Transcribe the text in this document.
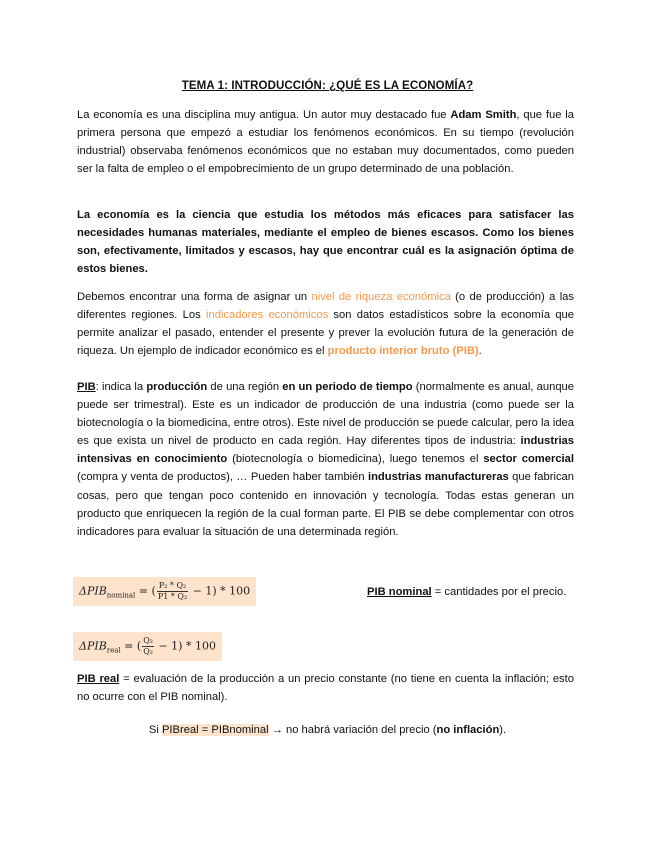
TEMA 1: INTRODUCCIÓN: ¿QUÉ ES LA ECONOMÍA?

La economía es una disciplina muy antigua. Un autor muy destacado fue Adam Smith, que fue la primera persona que empezó a estudiar los fenómenos económicos. En su tiempo (revolución industrial) observaba fenómenos económicos que no estaban muy documentados, como pueden ser la falta de empleo o el empobrecimiento de un grupo determinado de una población.

La economía es la ciencia que estudia los métodos más eficaces para satisfacer las necesidades humanas materiales, mediante el empleo de bienes escasos. Como los bienes son, efectivamente, limitados y escasos, hay que encontrar cuál es la asignación óptima de estos bienes.

Debemos encontrar una forma de asignar un nivel de riqueza económica (o de producción) a las diferentes regiones. Los indicadores económicos son datos estadísticos sobre la economía que permite analizar el pasado, entender el presente y prever la evolución futura de la generación de riqueza. Un ejemplo de indicador económico es el producto interior bruto (PIB).

PIB: indica la producción de una región en un periodo de tiempo (normalmente es anual, aunque puede ser trimestral). Este es un indicador de producción de una industria (como puede ser la biotecnología o la biomedicina, entre otros). Este nivel de producción se puede calcular, pero la idea es que exista un nivel de producto en cada región. Hay diferentes tipos de industria: industrias intensivas en conocimiento (biotecnología o biomedicina), luego tenemos el sector comercial (compra y venta de productos), … Pueden haber también industrias manufactureras que fabrican cosas, pero que tengan poco contenido en innovación y tecnología. Todas estas generan un producto que enriquecen la región de la cual forman parte. El PIB se debe complementar con otros indicadores para evaluar la situación de una determinada región.

$\Delta PIB_{nominal}$ = ( $\frac{\text{P₂ * Q₂}}{\text{P1 * Q₂}} - 1) * 100$	PIB nominal = cantidades por el precio.
$\Delta PIB_{real}$ = ( $\frac{\text{Q₂}}{\text{Q₂}} - 1) * 100$

PIB real = evaluación de la producción a un precio constante (no tiene en cuenta la inflación; esto no ocurre con el PIB nominal).

Si PIBreal = PIBnominal → no habrá variación del precio (no inflación).
